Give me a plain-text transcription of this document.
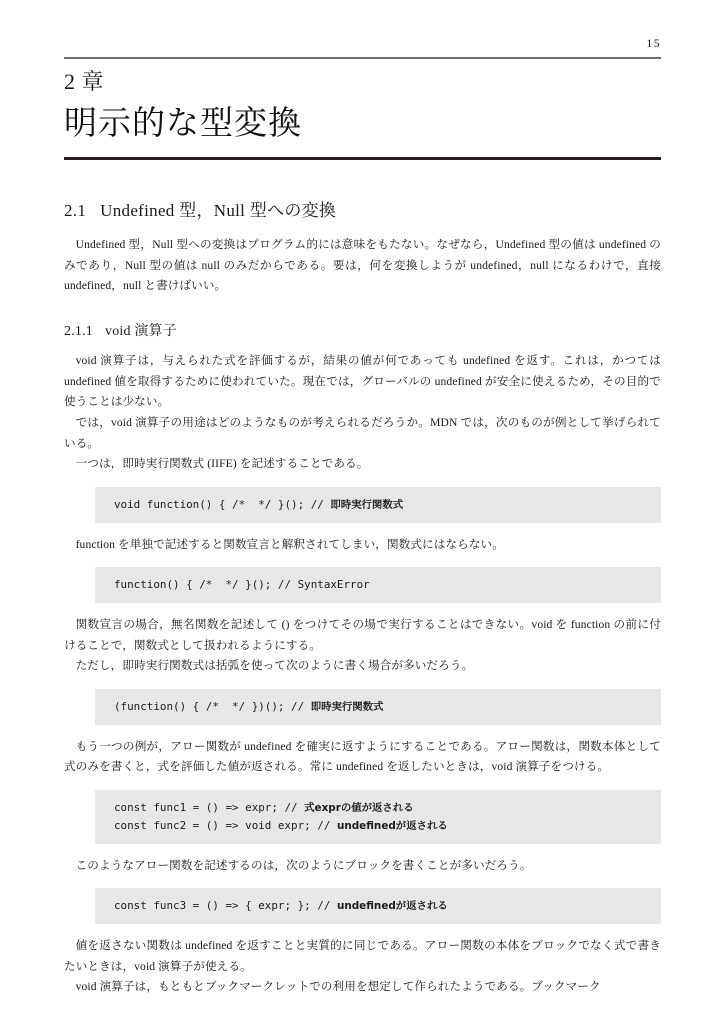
15
2 章
明示的な型変換
2.1 Undefined 型，Null 型への変換

Undefined 型，Null 型への変換はプログラム的には意味をもたない。なぜなら，Undefined 型の値は undefined のみであり，Null 型の値は null のみだからである。要は，何を変換しようが undefined，null になるわけで，直接 undefined，null と書けばいい。

2.1.1 void 演算子

void 演算子は，与えられた式を評価するが，結果の値が何であっても undefined を返す。これは，かつては undefined 値を取得するために使われていた。現在では，グローバルの undefined が安全に使えるため，その目的で使うことは少ない。

では，void 演算子の用途はどのようなものが考えられるだろうか。MDN では，次のものが例として挙げられている。

一つは，即時実行関数式 (IIFE) を記述することである。

void function() { /*  */ }(); // 即時実行関数式

function を単独で記述すると関数宣言と解釈されてしまい，関数式にはならない。

function() { /*  */ }(); // SyntaxError

関数宣言の場合，無名関数を記述して () をつけてその場で実行することはできない。void を function の前に付けることで，関数式として扱われるようにする。

ただし，即時実行関数式は括弧を使って次のように書く場合が多いだろう。

(function() { /*  */ })(); // 即時実行関数式

もう一つの例が，アロー関数が undefined を確実に返すようにすることである。アロー関数は，関数本体として式のみを書くと，式を評価した値が返される。常に undefined を返したいときは，void 演算子をつける。

const func1 = () => expr; // 式exprの値が返される
const func2 = () => void expr; // undefinedが返される

このようなアロー関数を記述するのは，次のようにブロックを書くことが多いだろう。

const func3 = () => { expr; }; // undefinedが返される

値を返さない関数は undefined を返すことと実質的に同じである。アロー関数の本体をブロックでなく式で書きたいときは，void 演算子が使える。

void 演算子は，もともとブックマークレットでの利用を想定して作られたようである。ブックマーク
